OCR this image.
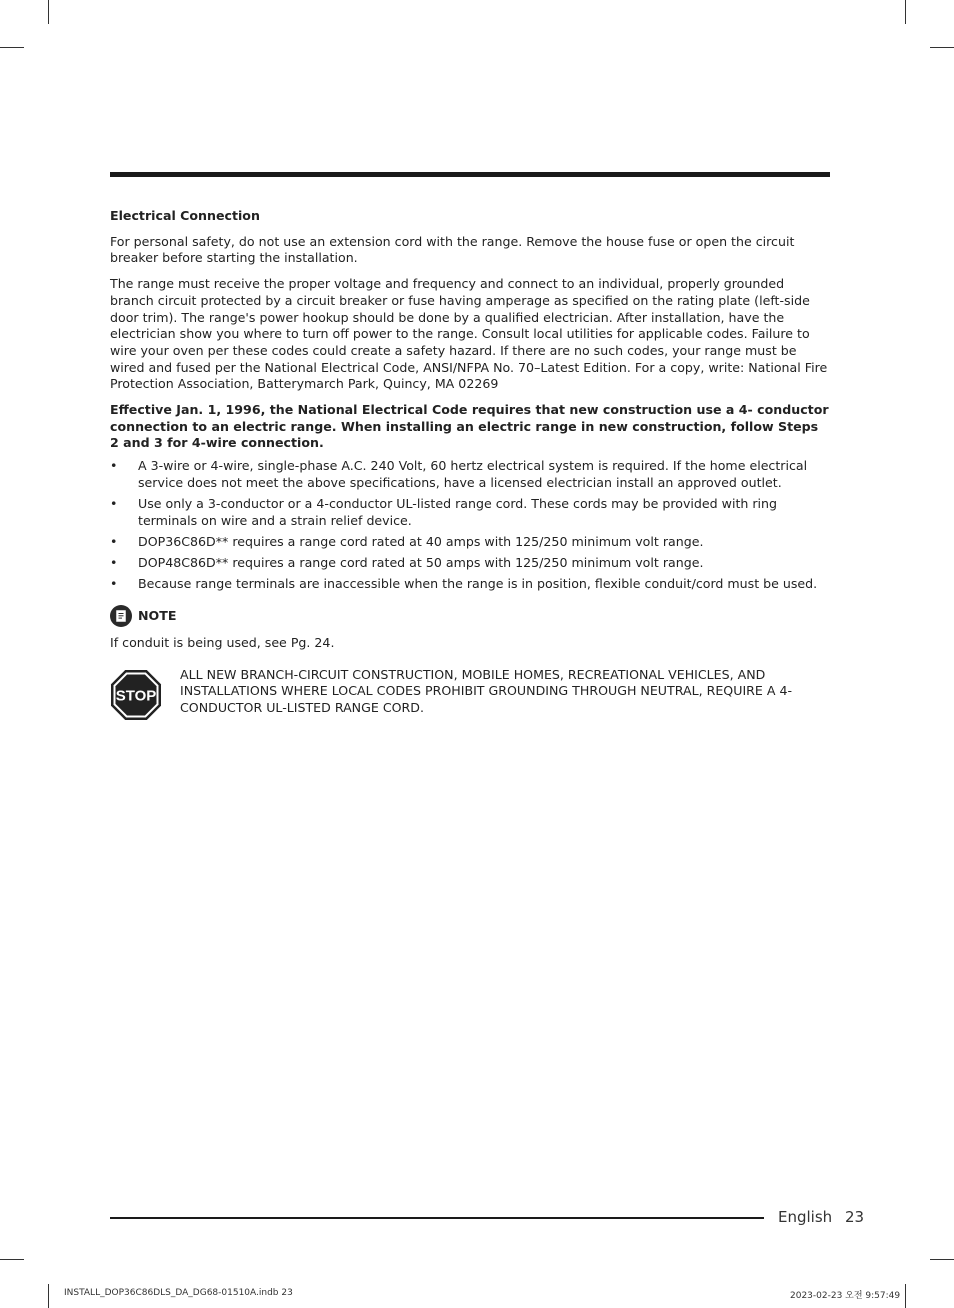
Electrical Connection

For personal safety, do not use an extension cord with the range. Remove the house fuse or open the circuit breaker before starting the installation.

The range must receive the proper voltage and frequency and connect to an individual, properly grounded branch circuit protected by a circuit breaker or fuse having amperage as specified on the rating plate (left-side door trim). The range's power hookup should be done by a qualified electrician. After installation, have the electrician show you where to turn off power to the range. Consult local utilities for applicable codes. Failure to wire your oven per these codes could create a safety hazard. If there are no such codes, your range must be wired and fused per the National Electrical Code, ANSI/NFPA No. 70–Latest Edition. For a copy, write: National Fire Protection Association, Batterymarch Park, Quincy, MA 02269

Effective Jan. 1, 1996, the National Electrical Code requires that new construction use a 4- conductor connection to an electric range. When installing an electric range in new construction, follow Steps 2 and 3 for 4-wire connection.

• A 3-wire or 4-wire, single-phase A.C. 240 Volt, 60 hertz electrical system is required. If the home electrical service does not meet the above specifications, have a licensed electrician install an approved outlet.
• Use only a 3-conductor or a 4-conductor UL-listed range cord. These cords may be provided with ring terminals on wire and a strain relief device.
• DOP36C86D** requires a range cord rated at 40 amps with 125/250 minimum volt range.
• DOP48C86D** requires a range cord rated at 50 amps with 125/250 minimum volt range.
• Because range terminals are inaccessible when the range is in position, flexible conduit/cord must be used.
NOTE

If conduit is being used, see Pg. 24.

STOP
ALL NEW BRANCH-CIRCUIT CONSTRUCTION, MOBILE HOMES, RECREATIONAL VEHICLES, AND INSTALLATIONS WHERE LOCAL CODES PROHIBIT GROUNDING THROUGH NEUTRAL, REQUIRE A 4-CONDUCTOR UL-LISTED RANGE CORD.
English 23
INSTALL_DOP36C86DLS_DA_DG68-01510A.indb 23	2023-02-23 오전 9:57:49
